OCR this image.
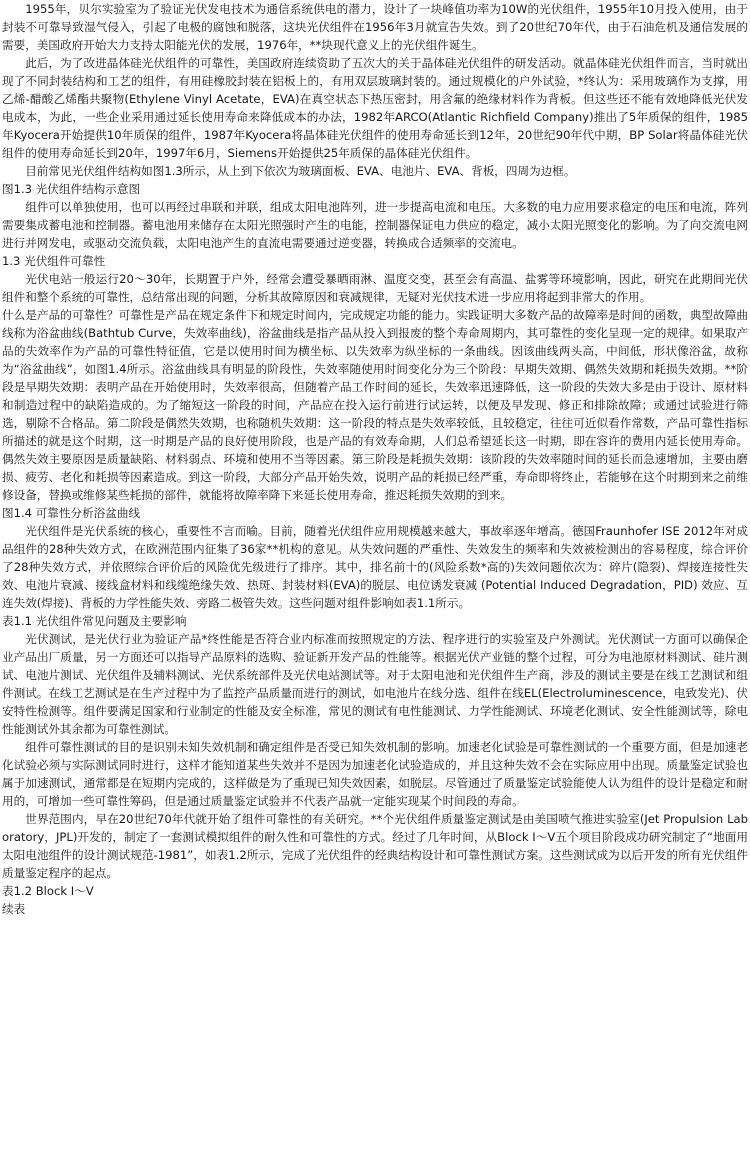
1955年，贝尔实验室为了验证光伏发电技术为通信系统供电的潜力，设计了一块峰值功率为10W的光伏组件，1955年10月投入使用，由于封装不可靠导致湿气侵入，引起了电极的腐蚀和脱落，这块光伏组件在1956年3月就宣告失效。到了20世纪70年代，由于石油危机及通信发展的需要，美国政府开始大力支持太阳能光伏的发展，1976年，**块现代意义上的光伏组件诞生。

此后，为了改进晶体硅光伏组件的可靠性，美国政府连续资助了五次大的关于晶体硅光伏组件的研发活动。就晶体硅光伏组件而言，当时就出现了不同封装结构和工艺的组件，有用硅橡胶封装在铝板上的，有用双层玻璃封装的。通过规模化的户外试验，*终认为：采用玻璃作为支撑，用乙烯-醋酸乙烯酯共聚物(Ethylene Vinyl Acetate，EVA)在真空状态下热压密封，用含氟的绝缘材料作为背板。但这些还不能有效地降低光伏发电成本，为此，一些企业采用通过延长使用寿命来降低成本的办法，1982年ARCO(Atlantic Richfield Company)推出了5年质保的组件，1985年Kyocera开始提供10年质保的组件，1987年Kyocera将晶体硅光伏组件的使用寿命延长到12年，20世纪90年代中期，BP Solar将晶体硅光伏组件的使用寿命延长到20年，1997年6月，Siemens开始提供25年质保的晶体硅光伏组件。

目前常见光伏组件结构如图1.3所示，从上到下依次为玻璃面板、EVA、电池片、EVA、背板，四周为边框。

图1.3 光伏组件结构示意图

组件可以单独使用，也可以再经过串联和并联，组成太阳电池阵列，进一步提高电流和电压。大多数的电力应用要求稳定的电压和电流，阵列需要集成蓄电池和控制器。蓄电池用来储存在太阳光照强时产生的电能，控制器保证电力供应的稳定，减小太阳光照变化的影响。为了向交流电网进行并网发电，或驱动交流负载，太阳电池产生的直流电需要通过逆变器，转换成合适频率的交流电。

1.3 光伏组件可靠性

光伏电站一般运行20～30年，长期置于户外，经常会遭受暴晒雨淋、温度交变，甚至会有高温、盐雾等环境影响，因此，研究在此期间光伏组件和整个系统的可靠性，总结常出现的问题，分析其故障原因和衰减规律，无疑对光伏技术进一步应用将起到非常大的作用。

什么是产品的可靠性？可靠性是产品在规定条件下和规定时间内，完成规定功能的能力。实践证明大多数产品的故障率是时间的函数，典型故障曲线称为浴盆曲线(Bathtub Curve，失效率曲线)，浴盆曲线是指产品从投入到报废的整个寿命周期内，其可靠性的变化呈现一定的规律。如果取产品的失效率作为产品的可靠性特征值，它是以使用时间为横坐标、以失效率为纵坐标的一条曲线。因该曲线两头高，中间低，形状像浴盆，故称为“浴盆曲线”，如图1.4所示。浴盆曲线具有明显的阶段性，失效率随使用时间变化分为三个阶段：早期失效期、偶然失效期和耗损失效期。**阶段是早期失效期：表明产品在开始使用时，失效率很高，但随着产品工作时间的延长，失效率迅速降低，这一阶段的失效大多是由于设计、原材料和制造过程中的缺陷造成的。为了缩短这一阶段的时间，产品应在投入运行前进行试运转，以便及早发现、修正和排除故障；或通过试验进行筛选，剔除不合格品。第二阶段是偶然失效期，也称随机失效期：这一阶段的特点是失效率较低，且较稳定，往往可近似看作常数，产品可靠性指标所描述的就是这个时期，这一时期是产品的良好使用阶段，也是产品的有效寿命期，人们总希望延长这一时期，即在容许的费用内延长使用寿命。偶然失效主要原因是质量缺陷、材料弱点、环境和使用不当等因素。第三阶段是耗损失效期：该阶段的失效率随时间的延长而急速增加，主要由磨损、疲劳、老化和耗损等因素造成。到这一阶段，大部分产品开始失效，说明产品的耗损已经严重，寿命即将终止，若能够在这个时期到来之前维修设备，替换或维修某些耗损的部件，就能将故障率降下来延长使用寿命，推迟耗损失效期的到来。

图1.4 可靠性分析浴盆曲线

光伏组件是光伏系统的核心，重要性不言而喻。目前，随着光伏组件应用规模越来越大，事故率逐年增高。德国Fraunhofer ISE 2012年对成品组件的28种失效方式，在欧洲范围内征集了36家**机构的意见。从失效问题的严重性、失效发生的频率和失效被检测出的容易程度，综合评价了28种失效方式，并依照综合评价后的风险优先级进行了排序。其中，排名前十的(风险系数*高的)失效问题依次为：碎片(隐裂)、焊接连接性失效、电池片衰减、接线盒材料和线缆绝缘失效、热斑、封装材料(EVA)的脱层、电位诱发衰减 (Potential Induced Degradation，PID) 效应、互连失效(焊接)、背板的力学性能失效、旁路二极管失效。这些问题对组件影响如表1.1所示。

表1.1 光伏组件常见问题及主要影响

光伏测试，是光伏行业为验证产品*终性能是否符合业内标准而按照规定的方法、程序进行的实验室及户外测试。光伏测试一方面可以确保企业产品出厂质量，另一方面还可以指导产品原料的选购、验证新开发产品的性能等。根据光伏产业链的整个过程，可分为电池原材料测试、硅片测试、电池片测试、光伏组件及辅料测试、光伏系统部件及光伏电站测试等。对于太阳电池和光伏组件生产商，涉及的测试主要是在线工艺测试和组件测试。在线工艺测试是在生产过程中为了监控产品质量而进行的测试，如电池片在线分选、组件在线EL(Electroluminescence，电致发光)、伏安特性检测等。组件要满足国家和行业制定的性能及安全标准，常见的测试有电性能测试、力学性能测试、环境老化测试、安全性能测试等，除电性能测试外其余都为可靠性测试。

组件可靠性测试的目的是识别未知失效机制和确定组件是否受已知失效机制的影响。加速老化试验是可靠性测试的一个重要方面，但是加速老化试验必须与实际测试同时进行，这样才能知道某些失效并不是因为加速老化试验造成的，并且这种失效不会在实际应用中出现。质量鉴定试验也属于加速测试，通常都是在短期内完成的，这样做是为了重现已知失效因素，如脱层。尽管通过了质量鉴定试验能使人认为组件的设计是稳定和耐用的，可增加一些可靠性筹码，但是通过质量鉴定试验并不代表产品就一定能实现某个时间段的寿命。

世界范围内，早在20世纪70年代就开始了组件可靠性的有关研究。**个光伏组件质量鉴定测试是由美国喷气推进实验室(Jet Propulsion Laboratory，JPL)开发的，制定了一套测试模拟组件的耐久性和可靠性的方式。经过了几年时间，从Block Ⅰ～Ⅴ五个项目阶段成功研究制定了“地面用太阳电池组件的设计测试规范-1981”，如表1.2所示，完成了光伏组件的经典结构设计和可靠性测试方案。这些测试成为以后开发的所有光伏组件质量鉴定程序的起点。

表1.2 Block Ⅰ～Ⅴ

续表
